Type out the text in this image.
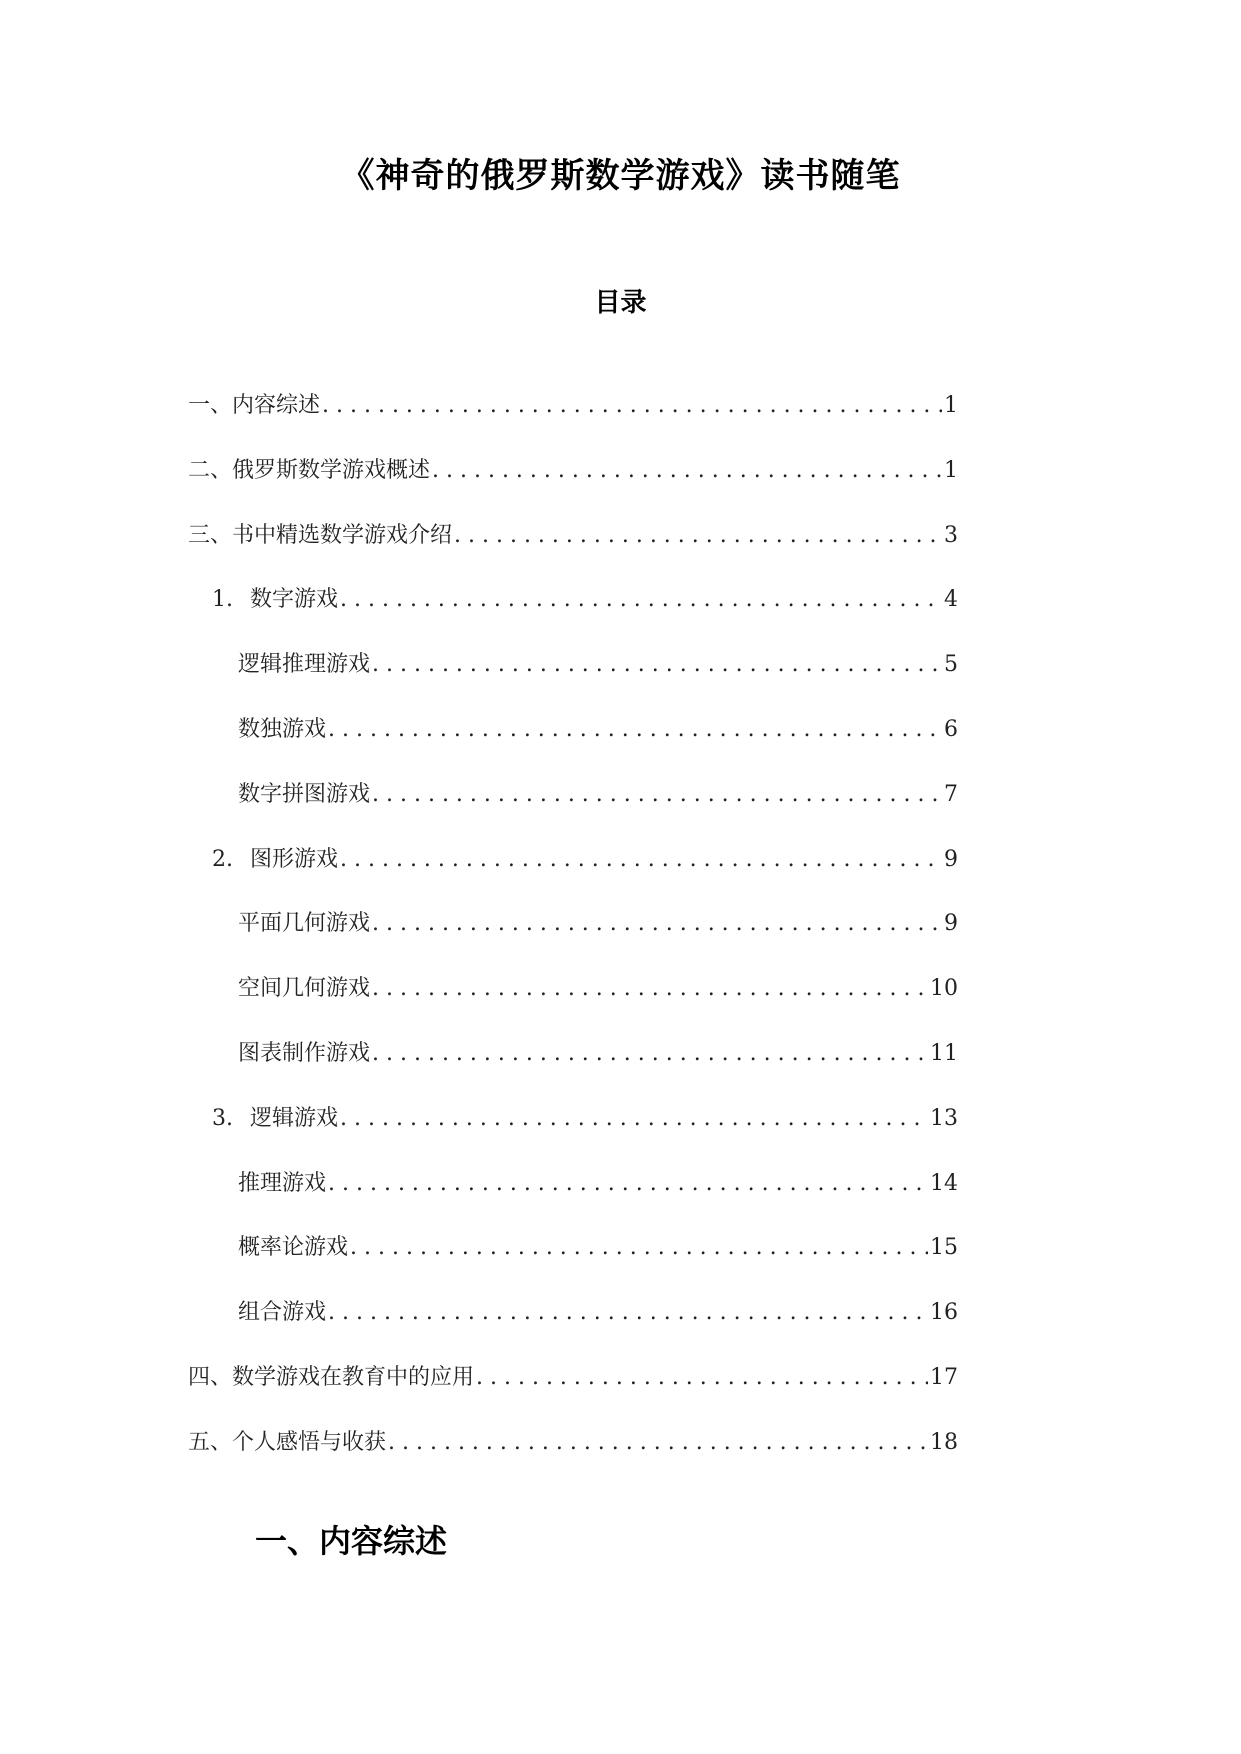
《神奇的俄罗斯数学游戏》读书随笔
目录
一、内容综述 . . .	1
二、俄罗斯数学游戏概述 . . .	1
三、书中精选数学游戏介绍 . . .	3
1. 数字游戏 . . .	4
逻辑推理游戏 . . .	5
数独游戏 . . .	6
数字拼图游戏 . . .	7
2. 图形游戏 . . .	9
平面几何游戏 . . .	9
空间几何游戏 . . .	10
图表制作游戏 . . .	11
3. 逻辑游戏 . . .	13
推理游戏 . . .	14
概率论游戏 . . .	15
组合游戏 . . .	16
四、数学游戏在教育中的应用 . . .	17
五、个人感悟与收获 . . .	18
一、内容综述
